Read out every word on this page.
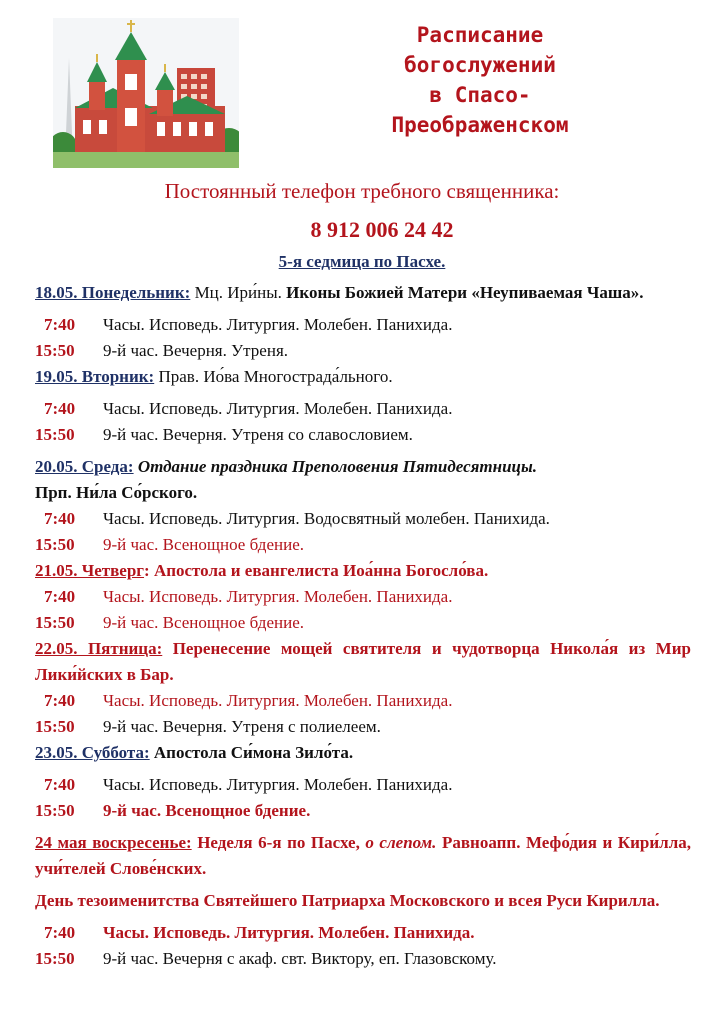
Расписание
богослужений
в Спасо-
Преображенском
Постоянный телефон требного священника:
8 912 006 24 42
5-я седмица по Пасхе.
18.05. Понедельник: Мц. Ири́ны. Иконы Божией Матери «Неупиваемая Чаша».
7:40 Часы. Исповедь. Литургия. Молебен. Панихида.
15:50 9-й час. Вечерня. Утреня.
19.05. Вторник: Прав. Ио́ва Многострада́льного.
7:40 Часы. Исповедь. Литургия. Молебен. Панихида.
15:50 9-й час. Вечерня. Утреня со славословием.
20.05. Среда: Отдание праздника Преполовения Пятидесятницы.
Прп. Ни́ла Со́рского.
7:40 Часы. Исповедь. Литургия. Водосвятный молебен. Панихида.
15:50 9-й час. Всенощное бдение.
21.05. Четверг: Апостола и евангелиста Иоа́нна Богосло́ва.
7:40 Часы. Исповедь. Литургия. Молебен. Панихида.
15:50 9-й час. Всенощное бдение.
22.05. Пятница: Перенесение мощей святителя и чудотворца Никола́я из Мир Лики́йских в Бар.
7:40 Часы. Исповедь. Литургия. Молебен. Панихида.
15:50 9-й час. Вечерня. Утреня с полиелеем.
23.05. Суббота: Апостола Си́мона Зило́та.
7:40 Часы. Исповедь. Литургия. Молебен. Панихида.
15:50 9-й час. Всенощное бдение.
24 мая воскресенье: Неделя 6-я по Пасхе, о слепом. Равноапп. Мефо́дия и Кири́лла, учи́телей Слове́нских.
День тезоименитства Святейшего Патриарха Московского и всея Руси Кирилла.
7:40 Часы. Исповедь. Литургия. Молебен. Панихида.
15:50 9-й час. Вечерня с акаф. свт. Виктору, еп. Глазовскому.
